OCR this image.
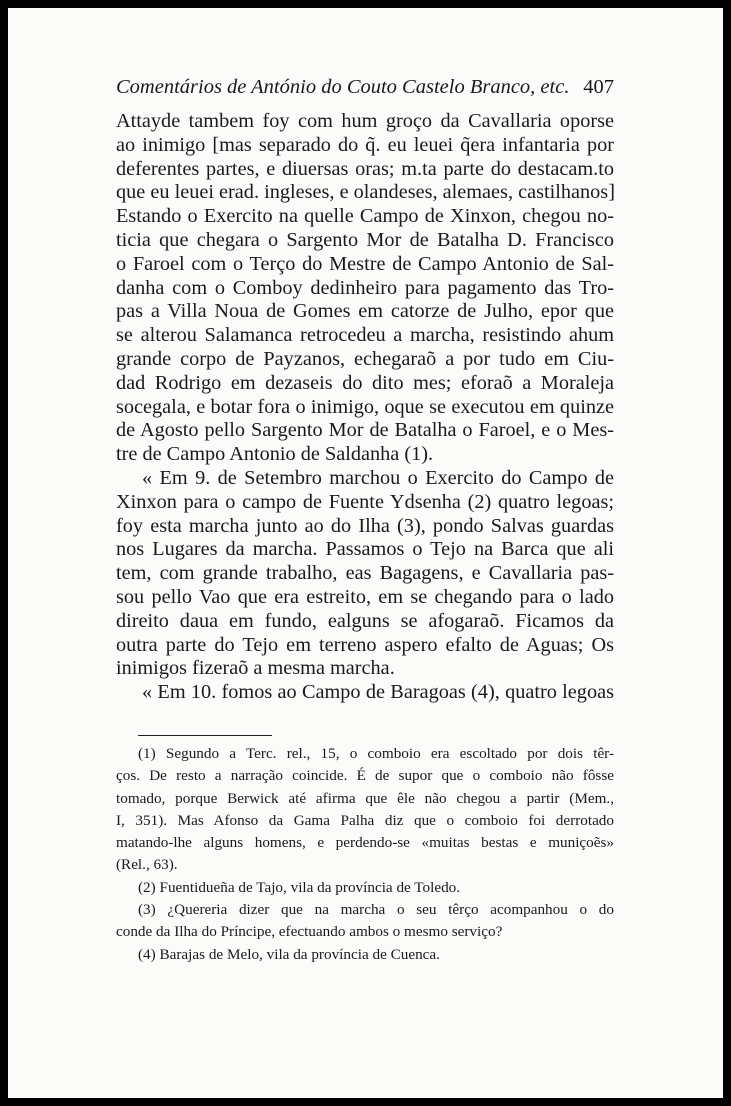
Comentários de António do Couto Castelo Branco, etc. 407
Attayde tambem foy com hum groço da Cavallaria oporse
ao inimigo [mas separado do q̃. eu leuei q̃era infantaria por
deferentes partes, e diuersas oras; m.ta parte do destacam.to
que eu leuei erad. ingleses, e olandeses, alemaes, castilhanos]
Estando o Exercito na quelle Campo de Xinxon, chegou no-
ticia que chegara o Sargento Mor de Batalha D. Francisco
o Faroel com o Terço do Mestre de Campo Antonio de Sal-
danha com o Comboy dedinheiro para pagamento das Tro-
pas a Villa Noua de Gomes em catorze de Julho, epor que
se alterou Salamanca retrocedeu a marcha, resistindo ahum
grande corpo de Payzanos, echegaraõ a por tudo em Ciu-
dad Rodrigo em dezaseis do dito mes; eforaõ a Moraleja
socegala, e botar fora o inimigo, oque se executou em quinze
de Agosto pello Sargento Mor de Batalha o Faroel, e o Mes-
tre de Campo Antonio de Saldanha (1).
« Em 9. de Setembro marchou o Exercito do Campo de
Xinxon para o campo de Fuente Ydsenha (2) quatro legoas;
foy esta marcha junto ao do Ilha (3), pondo Salvas guardas
nos Lugares da marcha. Passamos o Tejo na Barca que ali
tem, com grande trabalho, eas Bagagens, e Cavallaria pas-
sou pello Vao que era estreito, em se chegando para o lado
direito daua em fundo, ealguns se afogaraõ. Ficamos da
outra parte do Tejo em terreno aspero efalto de Aguas; Os
inimigos fizeraõ a mesma marcha.
« Em 10. fomos ao Campo de Baragoas (4), quatro legoas
(1) Segundo a Terc. rel., 15, o comboio era escoltado por dois têr-
ços. De resto a narração coincide. É de supor que o comboio não fôsse
tomado, porque Berwick até afirma que êle não chegou a partir (Mem.,
I, 351). Mas Afonso da Gama Palha diz que o comboio foi derrotado
matando-lhe alguns homens, e perdendo-se «muitas bestas e muniçoẽs»
(Rel., 63).
(2) Fuentidueña de Tajo, vila da província de Toledo.
(3) ¿Quereria dizer que na marcha o seu têrço acompanhou o do
conde da Ilha do Príncipe, efectuando ambos o mesmo serviço?
(4) Barajas de Melo, vila da província de Cuenca.
